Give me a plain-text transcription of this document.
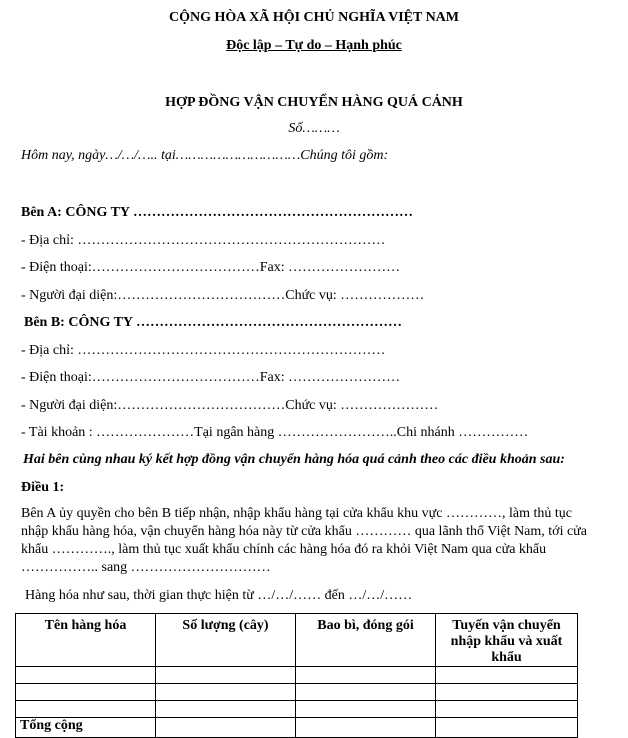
CỘNG HÒA XÃ HỘI CHỦ NGHĨA VIỆT NAM
Độc lập – Tự do – Hạnh phúc
HỢP ĐỒNG VẬN CHUYỂN HÀNG QUÁ CẢNH
Số………
Hôm nay, ngày…/…/….. tại…………………………Chúng tôi gồm:
Bên A: CÔNG TY ……………………………………………………
- Địa chỉ: …………………………………………………………
- Điện thoại:………………………………Fax: ……………………
- Người đại diện:………………………………Chức vụ: ………………
Bên B: CÔNG TY …………………………………………………
- Địa chỉ: …………………………………………………………
- Điện thoại:………………………………Fax: ……………………
- Người đại diện:………………………………Chức vụ: …………………
- Tài khoản : …………………Tại ngân hàng ……………………..Chi nhánh ……………
Hai bên cùng nhau ký kết hợp đồng vận chuyển hàng hóa quá cảnh theo các điều khoản sau:
Điều 1:
Bên A ủy quyền cho bên B tiếp nhận, nhập khẩu hàng tại cửa khẩu khu vực …………, làm thủ tục nhập khẩu hàng hóa, vận chuyển hàng hóa này từ cửa khẩu ………… qua lãnh thổ Việt Nam, tới cửa khẩu …………., làm thủ tục xuất khẩu chính các hàng hóa đó ra khỏi Việt Nam qua cửa khẩu …………….. sang …………………………
Hàng hóa như sau, thời gian thực hiện từ …/…/…… đến …/…/……
Tên hàng hóa	Số lượng (cây)	Bao bì, đóng gói	Tuyến vận chuyển nhập khẩu và xuất khẩu

Tổng cộng			
